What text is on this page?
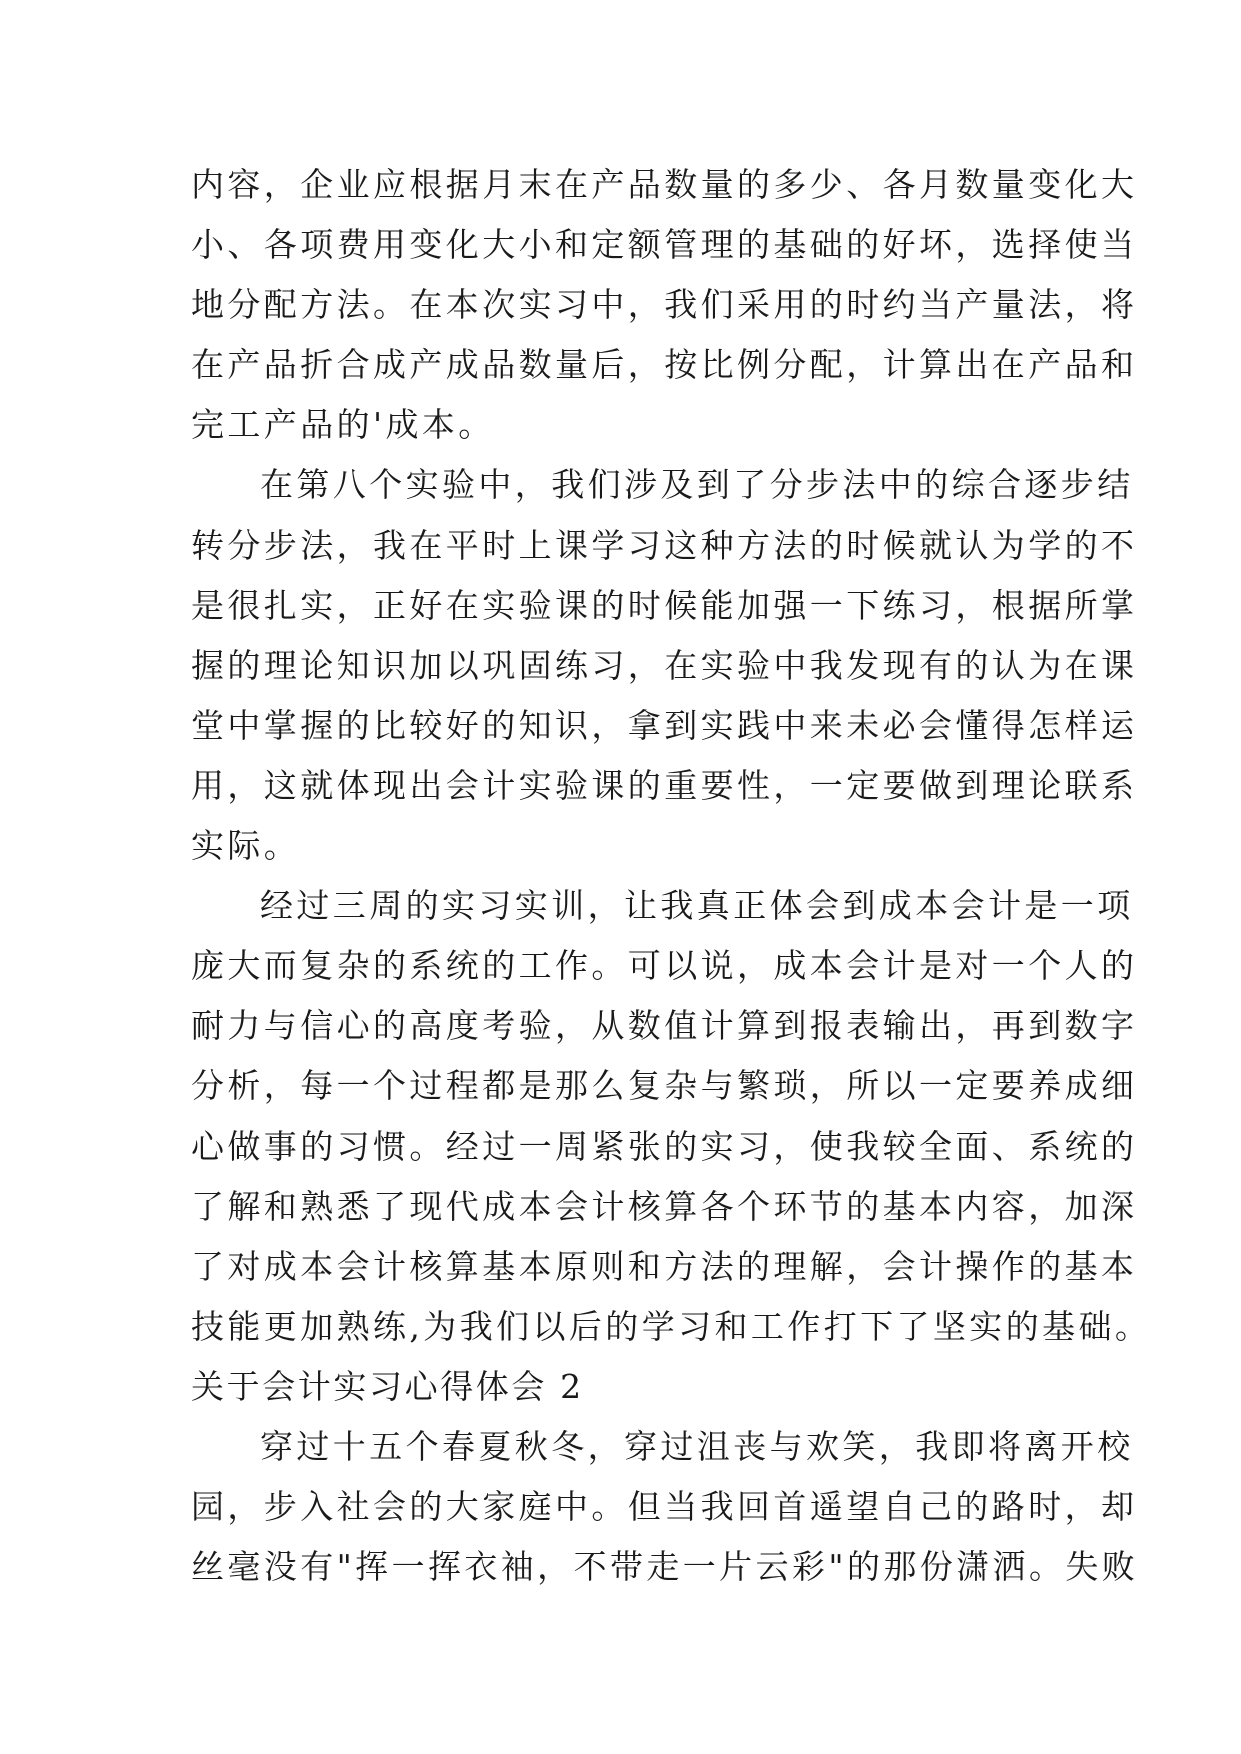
内容，企业应根据月末在产品数量的多少、各月数量变化大
小、各项费用变化大小和定额管理的基础的好坏，选择使当
地分配方法。在本次实习中，我们采用的时约当产量法，将
在产品折合成产成品数量后，按比例分配，计算出在产品和
完工产品的'成本。
在第八个实验中，我们涉及到了分步法中的综合逐步结
转分步法，我在平时上课学习这种方法的时候就认为学的不
是很扎实，正好在实验课的时候能加强一下练习，根据所掌
握的理论知识加以巩固练习，在实验中我发现有的认为在课
堂中掌握的比较好的知识，拿到实践中来未必会懂得怎样运
用，这就体现出会计实验课的重要性，一定要做到理论联系
实际。
经过三周的实习实训，让我真正体会到成本会计是一项
庞大而复杂的系统的工作。可以说，成本会计是对一个人的
耐力与信心的高度考验，从数值计算到报表输出，再到数字
分析，每一个过程都是那么复杂与繁琐，所以一定要养成细
心做事的习惯。经过一周紧张的实习，使我较全面、系统的
了解和熟悉了现代成本会计核算各个环节的基本内容，加深
了对成本会计核算基本原则和方法的理解，会计操作的基本
技能更加熟练,为我们以后的学习和工作打下了坚实的基础。
关于会计实习心得体会 2
穿过十五个春夏秋冬，穿过沮丧与欢笑，我即将离开校
园，步入社会的大家庭中。但当我回首遥望自己的路时，却
丝毫没有"挥一挥衣袖，不带走一片云彩"的那份潇洒。失败
